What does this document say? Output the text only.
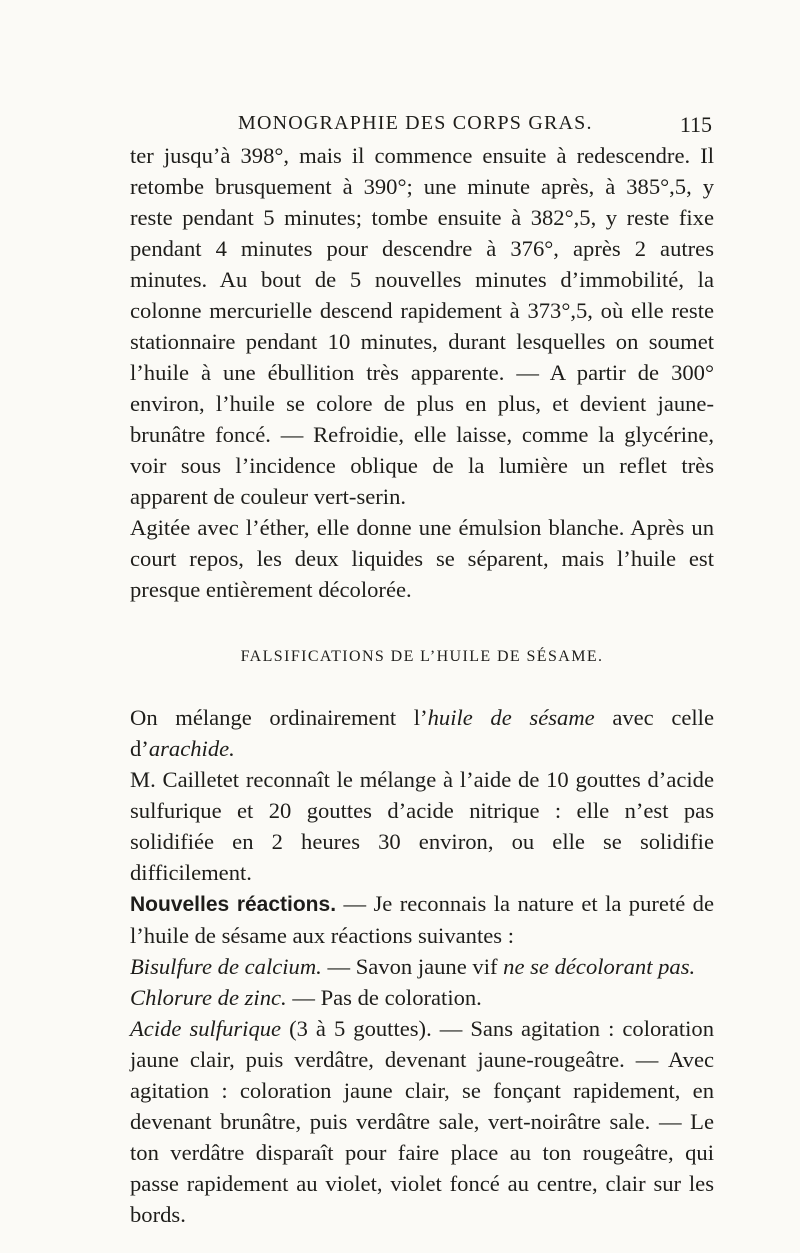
MONOGRAPHIE DES CORPS GRAS.	115

ter jusqu’à 398°, mais il commence ensuite à redescendre. Il retombe brusquement à 390°; une minute après, à 385°,5, y reste pendant 5 minutes; tombe ensuite à 382°,5, y reste fixe pendant 4 minutes pour descendre à 376°, après 2 autres minutes. Au bout de 5 nouvelles minutes d’immobilité, la colonne mercurielle descend rapidement à 373°,5, où elle reste stationnaire pendant 10 minutes, durant lesquelles on soumet l’huile à une ébullition très apparente. — A partir de 300° environ, l’huile se colore de plus en plus, et devient jaune-brunâtre foncé. — Refroidie, elle laisse, comme la glycérine, voir sous l’incidence oblique de la lumière un reflet très apparent de couleur vert-serin.

Agitée avec l’éther, elle donne une émulsion blanche. Après un court repos, les deux liquides se séparent, mais l’huile est presque entièrement décolorée.

FALSIFICATIONS DE L’HUILE DE SÉSAME.

On mélange ordinairement l’huile de sésame avec celle d’arachide.

M. Cailletet reconnaît le mélange à l’aide de 10 gouttes d’acide sulfurique et 20 gouttes d’acide nitrique : elle n’est pas solidifiée en 2 heures 30 environ, ou elle se solidifie difficilement.

Nouvelles réactions. — Je reconnais la nature et la pureté de l’huile de sésame aux réactions suivantes :

Bisulfure de calcium. — Savon jaune vif ne se décolorant pas.

Chlorure de zinc. — Pas de coloration.

Acide sulfurique (3 à 5 gouttes). — Sans agitation : coloration jaune clair, puis verdâtre, devenant jaune-rougeâtre. — Avec agitation : coloration jaune clair, se fonçant rapidement, en devenant brunâtre, puis verdâtre sale, vert-noirâtre sale. — Le ton verdâtre disparaît pour faire place au ton rougeâtre, qui passe rapidement au violet, violet foncé au centre, clair sur les bords.
